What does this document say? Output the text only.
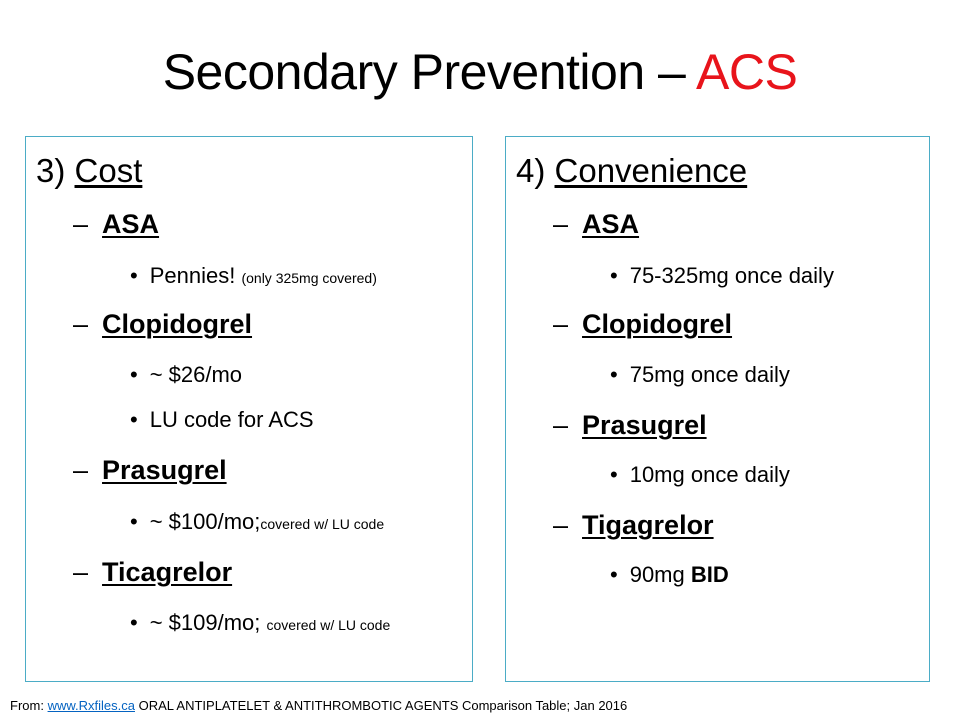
Secondary Prevention – ACS
3) Cost
– ASA
• Pennies! (only 325mg covered)
– Clopidogrel
• ~ $26/mo
• LU code for ACS
– Prasugrel
• ~ $100/mo;covered w/ LU code
– Ticagrelor
• ~ $109/mo; covered w/ LU code
4) Convenience
– ASA
• 75-325mg once daily
– Clopidogrel
• 75mg once daily
– Prasugrel
• 10mg once daily
– Tigagrelor
• 90mg BID
From: www.Rxfiles.ca ORAL ANTIPLATELET & ANTITHROMBOTIC AGENTS Comparison Table; Jan 2016
